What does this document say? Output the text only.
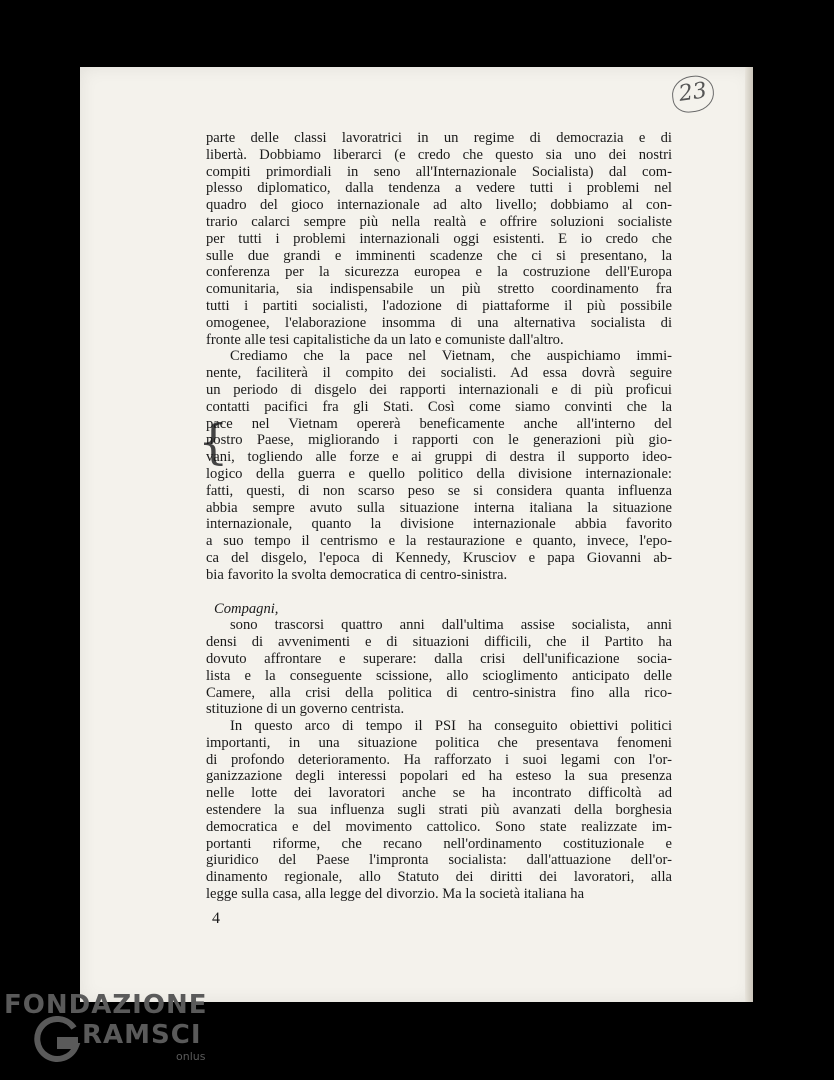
23
{
parte delle classi lavoratrici in un regime di democrazia e di
libertà. Dobbiamo liberarci (e credo che questo sia uno dei nostri
compiti primordiali in seno all'Internazionale Socialista) dal com-
plesso diplomatico, dalla tendenza a vedere tutti i problemi nel
quadro del gioco internazionale ad alto livello; dobbiamo al con-
trario calarci sempre più nella realtà e offrire soluzioni socialiste
per tutti i problemi internazionali oggi esistenti. E io credo che
sulle due grandi e imminenti scadenze che ci si presentano, la
conferenza per la sicurezza europea e la costruzione dell'Europa
comunitaria, sia indispensabile un più stretto coordinamento fra
tutti i partiti socialisti, l'adozione di piattaforme il più possibile
omogenee, l'elaborazione insomma di una alternativa socialista di
fronte alle tesi capitalistiche da un lato e comuniste dall'altro.
Crediamo che la pace nel Vietnam, che auspichiamo immi-
nente, faciliterà il compito dei socialisti. Ad essa dovrà seguire
un periodo di disgelo dei rapporti internazionali e di più proficui
contatti pacifici fra gli Stati. Così come siamo convinti che la
pace nel Vietnam opererà beneficamente anche all'interno del
nostro Paese, migliorando i rapporti con le generazioni più gio-
vani, togliendo alle forze e ai gruppi di destra il supporto ideo-
logico della guerra e quello politico della divisione internazionale:
fatti, questi, di non scarso peso se si considera quanta influenza
abbia sempre avuto sulla situazione interna italiana la situazione
internazionale, quanto la divisione internazionale abbia favorito
a suo tempo il centrismo e la restaurazione e quanto, invece, l'epo-
ca del disgelo, l'epoca di Kennedy, Krusciov e papa Giovanni ab-
bia favorito la svolta democratica di centro-sinistra.
Compagni,
sono trascorsi quattro anni dall'ultima assise socialista, anni
densi di avvenimenti e di situazioni difficili, che il Partito ha
dovuto affrontare e superare: dalla crisi dell'unificazione socia-
lista e la conseguente scissione, allo scioglimento anticipato delle
Camere, alla crisi della politica di centro-sinistra fino alla rico-
stituzione di un governo centrista.
In questo arco di tempo il PSI ha conseguito obiettivi politici
importanti, in una situazione politica che presentava fenomeni
di profondo deterioramento. Ha rafforzato i suoi legami con l'or-
ganizzazione degli interessi popolari ed ha esteso la sua presenza
nelle lotte dei lavoratori anche se ha incontrato difficoltà ad
estendere la sua influenza sugli strati più avanzati della borghesia
democratica e del movimento cattolico. Sono state realizzate im-
portanti riforme, che recano nell'ordinamento costituzionale e
giuridico del Paese l'impronta socialista: dall'attuazione dell'or-
dinamento regionale, allo Statuto dei diritti dei lavoratori, alla
legge sulla casa, alla legge del divorzio. Ma la società italiana ha
4
FONDAZIONE
RAMSCI
onlus
